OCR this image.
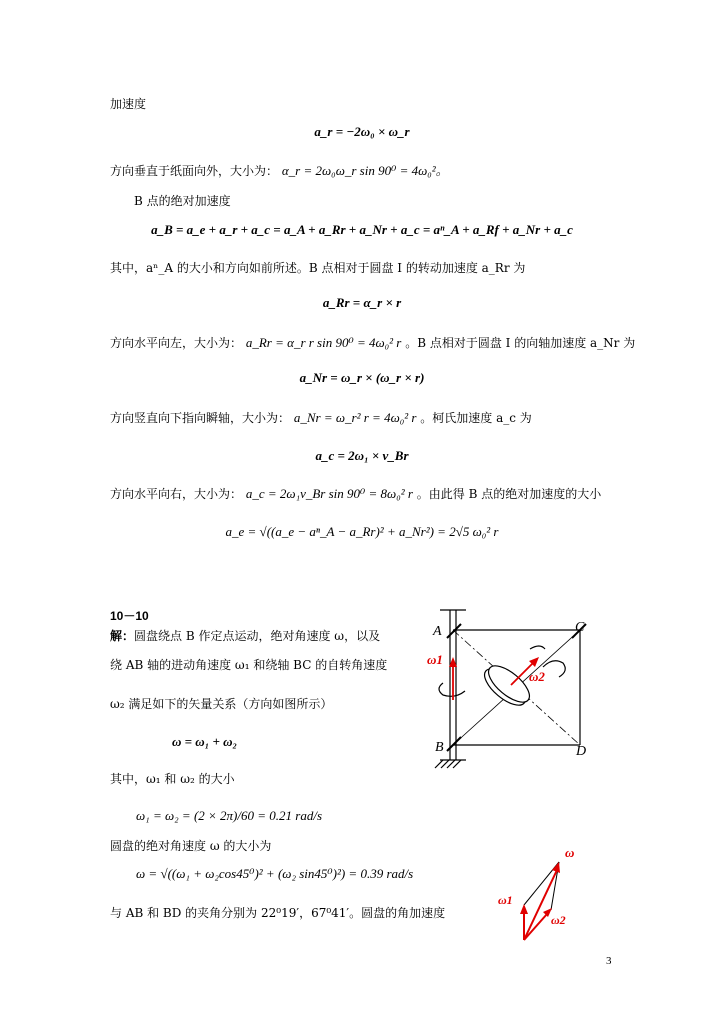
加速度
a_r = −2ω₀ × ω_r
方向垂直于纸面向外，大小为： α_r = 2ω₀ω_r sin 90⁰ = 4ω₀²。
B 点的绝对加速度
a_B = a_e + a_r + a_c = a_A + a_Rr + a_Nr + a_c = aⁿ_A + a_Rf + a_Nr + a_c
其中，aⁿ_A 的大小和方向如前所述。B 点相对于圆盘 I 的转动加速度 a_Rr 为
a_Rr = α_r × r
方向水平向左，大小为： a_Rr = α_r r sin 90⁰ = 4ω₀² r 。B 点相对于圆盘 I 的向轴加速度 a_Nr 为
a_Nr = ω_r × (ω_r × r)
方向竖直向下指向瞬轴，大小为： a_Nr = ω_r² r = 4ω₀² r 。柯氏加速度 a_c 为
a_c = 2ω₁ × v_Br
方向水平向右，大小为： a_c = 2ω₁v_Br sin 90⁰ = 8ω₀² r 。由此得 B 点的绝对加速度的大小
a_e = √((a_e − aⁿ_A − a_Rr)² + a_Nr²) = 2√5 ω₀² r
10－10
解：圆盘绕点 B 作定点运动，绝对角速度 ω，以及
绕 AB 轴的进动角速度 ω₁ 和绕轴 BC 的自转角速度
ω₂ 满足如下的矢量关系（方向如图所示）
ω = ω₁ + ω₂
其中，ω₁ 和 ω₂ 的大小
ω₁ = ω₂ = (2 × 2π)/60 = 0.21 rad/s
圆盘的绝对角速度 ω 的大小为
ω = √((ω₁ + ω₂cos45⁰)² + (ω₂ sin45⁰)²) = 0.39 rad/s
与 AB 和 BD 的夹角分别为 22⁰19′，67⁰41′。圆盘的角加速度
A
B
C
D
ω1
ω2
ω
ω1
ω2
3
